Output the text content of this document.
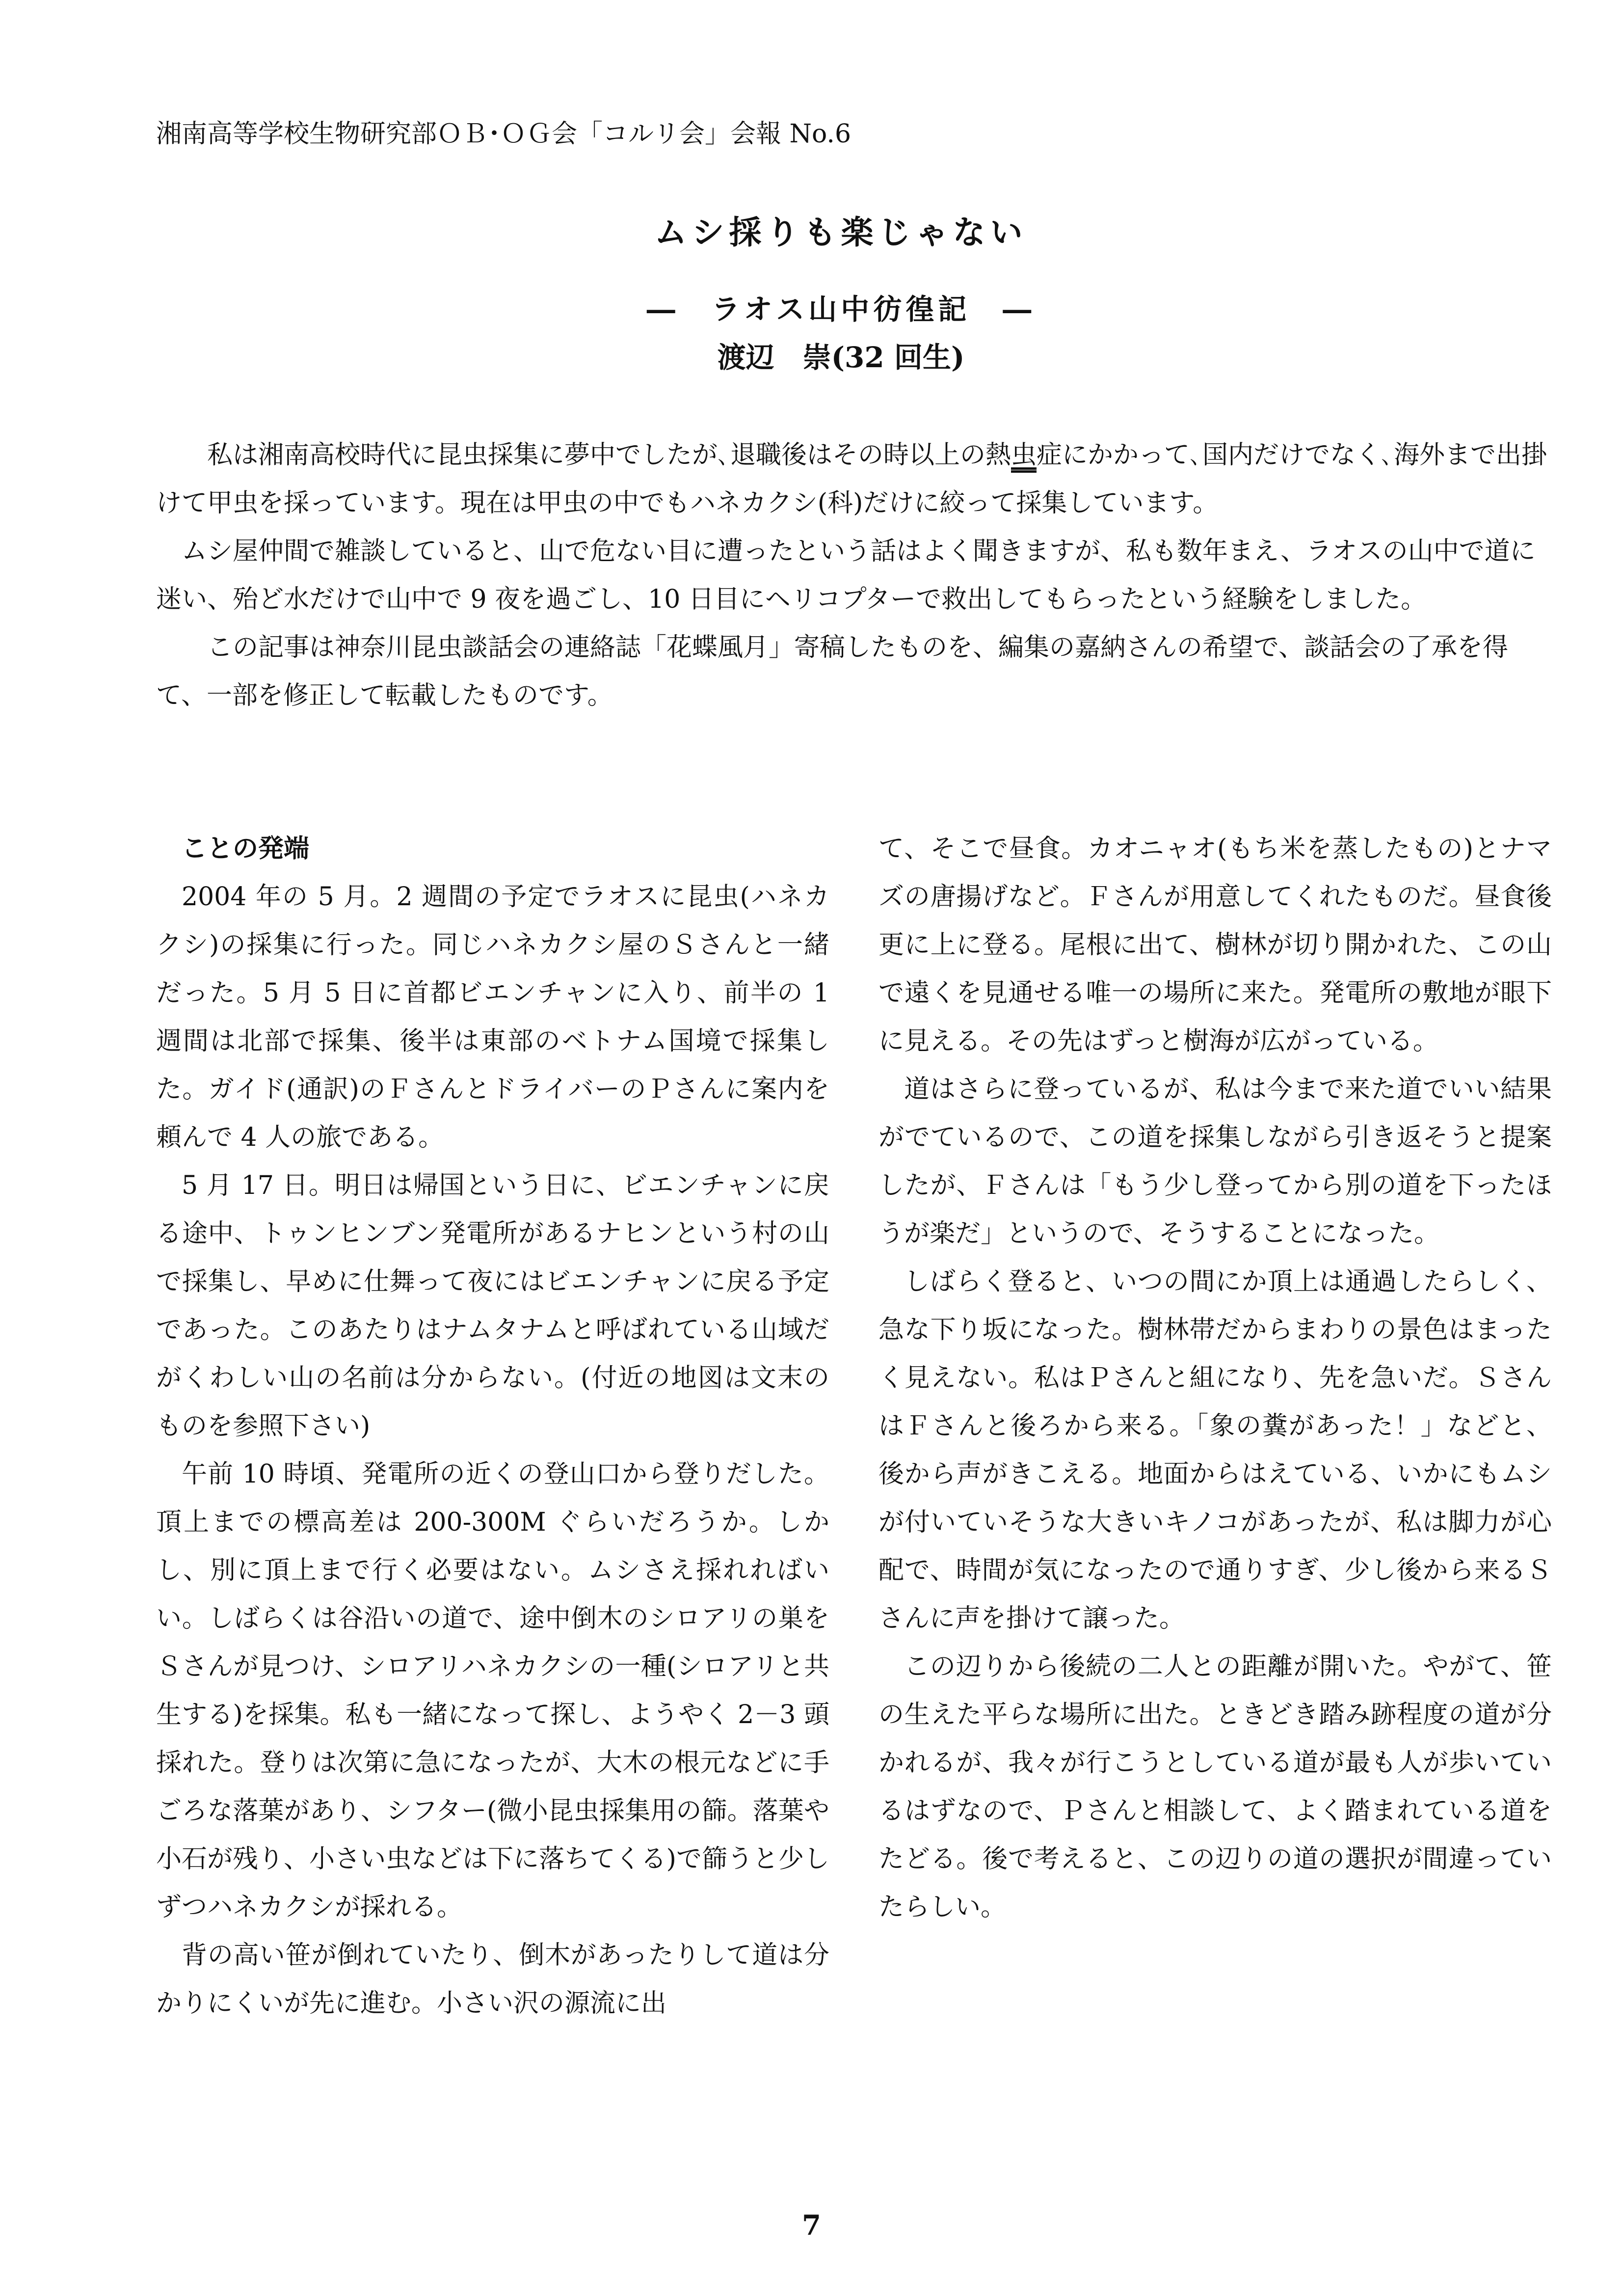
湘南高等学校生物研究部ＯＢ･ＯＧ会「コルリ会」会報 No.6
ムシ採りも楽じゃない
―　ラオス山中彷徨記　―
渡辺　崇(32 回生)

私は湘南高校時代に昆虫採集に夢中でしたが､退職後はその時以上の熱虫症にかかって､国内だけでなく､海外まで出掛けて甲虫を採っています。現在は甲虫の中でもハネカクシ(科)だけに絞って採集しています。

ムシ屋仲間で雑談していると、山で危ない目に遭ったという話はよく聞きますが、私も数年まえ、ラオスの山中で道に迷い、殆ど水だけで山中で 9 夜を過ごし、10 日目にヘリコプターで救出してもらったという経験をしました。

この記事は神奈川昆虫談話会の連絡誌「花蝶風月」寄稿したものを、編集の嘉納さんの希望で、談話会の了承を得て、一部を修正して転載したものです。

ことの発端

2004 年の 5 月。2 週間の予定でラオスに昆虫(ハネカクシ)の採集に行った。同じハネカクシ屋のＳさんと一緒だった。5 月 5 日に首都ビエンチャンに入り、前半の 1 週間は北部で採集、後半は東部のベトナム国境で採集した。ガイド(通訳)のＦさんとドライバーのＰさんに案内を頼んで 4 人の旅である。

5 月 17 日。明日は帰国という日に、ビエンチャンに戻る途中、トゥンヒンブン発電所があるナヒンという村の山で採集し、早めに仕舞って夜にはビエンチャンに戻る予定であった。このあたりはナムタナムと呼ばれている山域だがくわしい山の名前は分からない。(付近の地図は文末のものを参照下さい)

午前 10 時頃、発電所の近くの登山口から登りだした。頂上までの標高差は 200-300M ぐらいだろうか。しかし、別に頂上まで行く必要はない。ムシさえ採れればいい。しばらくは谷沿いの道で、途中倒木のシロアリの巣をＳさんが見つけ、シロアリハネカクシの一種(シロアリと共生する)を採集。私も一緒になって探し、ようやく 2－3 頭採れた。登りは次第に急になったが、大木の根元などに手ごろな落葉があり、シフター(微小昆虫採集用の篩。落葉や小石が残り、小さい虫などは下に落ちてくる)で篩うと少しずつハネカクシが採れる。

背の高い笹が倒れていたり、倒木があったりして道は分かりにくいが先に進む。小さい沢の源流に出

て、そこで昼食。カオニャオ(もち米を蒸したもの)とナマズの唐揚げなど。Ｆさんが用意してくれたものだ。昼食後更に上に登る。尾根に出て、樹林が切り開かれた、この山で遠くを見通せる唯一の場所に来た。発電所の敷地が眼下に見える。その先はずっと樹海が広がっている。

道はさらに登っているが、私は今まで来た道でいい結果がでているので、この道を採集しながら引き返そうと提案したが、Ｆさんは「もう少し登ってから別の道を下ったほうが楽だ」というので、そうすることになった。

しばらく登ると、いつの間にか頂上は通過したらしく、急な下り坂になった。樹林帯だからまわりの景色はまったく見えない。私はＰさんと組になり、先を急いだ。ＳさんはＦさんと後ろから来る。「象の糞があった！」などと、後から声がきこえる。地面からはえている、いかにもムシが付いていそうな大きいキノコがあったが、私は脚力が心配で、時間が気になったので通りすぎ、少し後から来るＳさんに声を掛けて譲った。

この辺りから後続の二人との距離が開いた。やがて、笹の生えた平らな場所に出た。ときどき踏み跡程度の道が分かれるが、我々が行こうとしている道が最も人が歩いているはずなので、Ｐさんと相談して、よく踏まれている道をたどる。後で考えると、この辺りの道の選択が間違っていたらしい。

7
